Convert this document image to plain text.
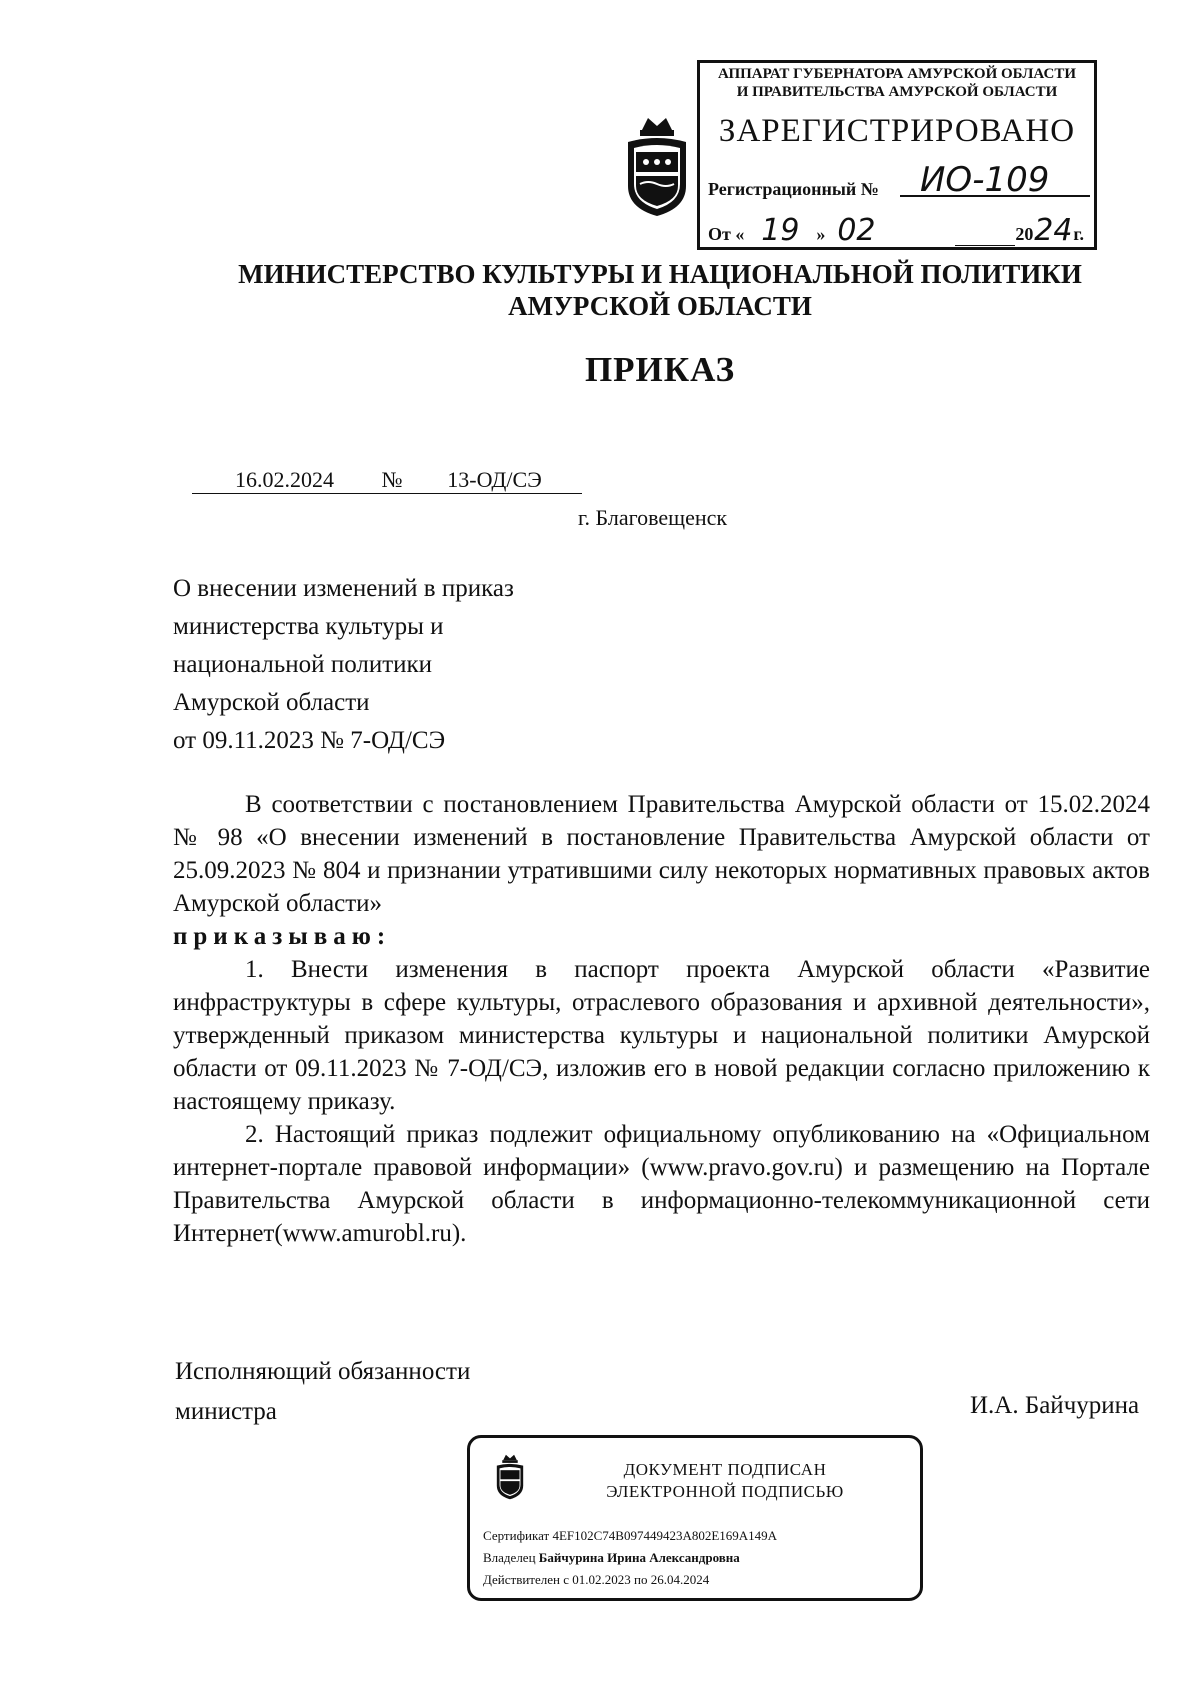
АППАРАТ ГУБЕРНАТОРА АМУРСКОЙ ОБЛАСТИ
И ПРАВИТЕЛЬСТВА АМУРСКОЙ ОБЛАСТИ
ЗАРЕГИСТРИРОВАНО
Регистрационный №	ИО-109
От « 19 » 02	2024г.
МИНИСТЕРСТВО КУЛЬТУРЫ И НАЦИОНАЛЬНОЙ ПОЛИТИКИ
АМУРСКОЙ ОБЛАСТИ
ПРИКАЗ
16.02.2024 № 13-ОД/СЭ
г. Благовещенск
О внесении изменений в приказ
министерства культуры и
национальной политики
Амурской области
от 09.11.2023 № 7-ОД/СЭ

В соответствии с постановлением Правительства Амурской области от 15.02.2024 № 98 «О внесении изменений в постановление Правительства Амурской области от 25.09.2023 № 804 и признании утратившими силу некоторых нормативных правовых актов Амурской области»

приказываю:

1. Внести изменения в паспорт проекта Амурской области «Развитие инфраструктуры в сфере культуры, отраслевого образования и архивной деятельности», утвержденный приказом министерства культуры и национальной политики Амурской области от 09.11.2023 № 7-ОД/СЭ, изложив его в новой редакции согласно приложению к настоящему приказу.

2. Настоящий приказ подлежит официальному опубликованию на «Официальном интернет-портале правовой информации» (www.pravo.gov.ru) и размещению на Портале Правительства Амурской области в информационно-телекоммуникационной сети Интернет(www.amurobl.ru).

Исполняющий обязанности
министра	И.А. Байчурина
ДОКУМЕНТ ПОДПИСАН
ЭЛЕКТРОННОЙ ПОДПИСЬЮ
Сертификат 4EF102C74B097449423A802E169A149A
Владелец Байчурина Ирина Александровна
Действителен с 01.02.2023 по 26.04.2024
